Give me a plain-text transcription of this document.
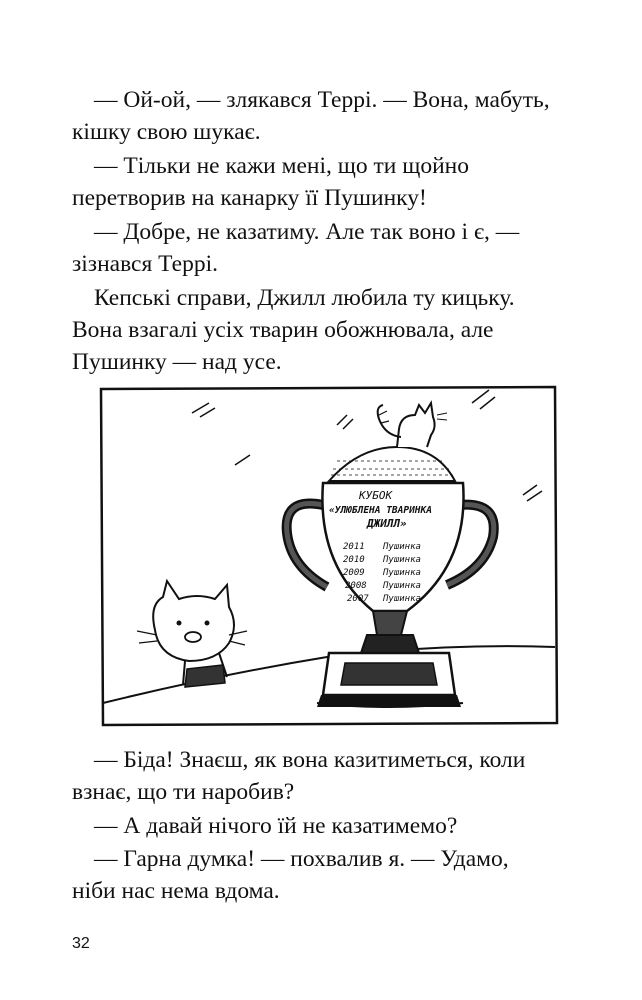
— Ой-ой, — злякався Террі. — Вона, мабуть,
кішку свою шукає.

— Тільки не кажи мені, що ти щойно
перетворив на канарку її Пушинку!

— Добре, не казатиму. Але так воно і є, —
зізнався Террі.

Кепські справи, Джилл любила ту кицьку.
Вона взагалі усіх тварин обожнювала, але
Пушинку — над усе.

КУБОК
«УЛЮБЛЕНА ТВАРИНКА
ДЖИЛЛ»
2011 Пушинка
2010 Пушинка
2009 Пушинка
2008 Пушинка
2007 Пушинка

— Біда! Знаєш, як вона казитиметься, коли
взнає, що ти наробив?

— А давай нічого їй не казатимемо?

— Гарна думка! — похвалив я. — Удамо,
ніби нас нема вдома.

32
